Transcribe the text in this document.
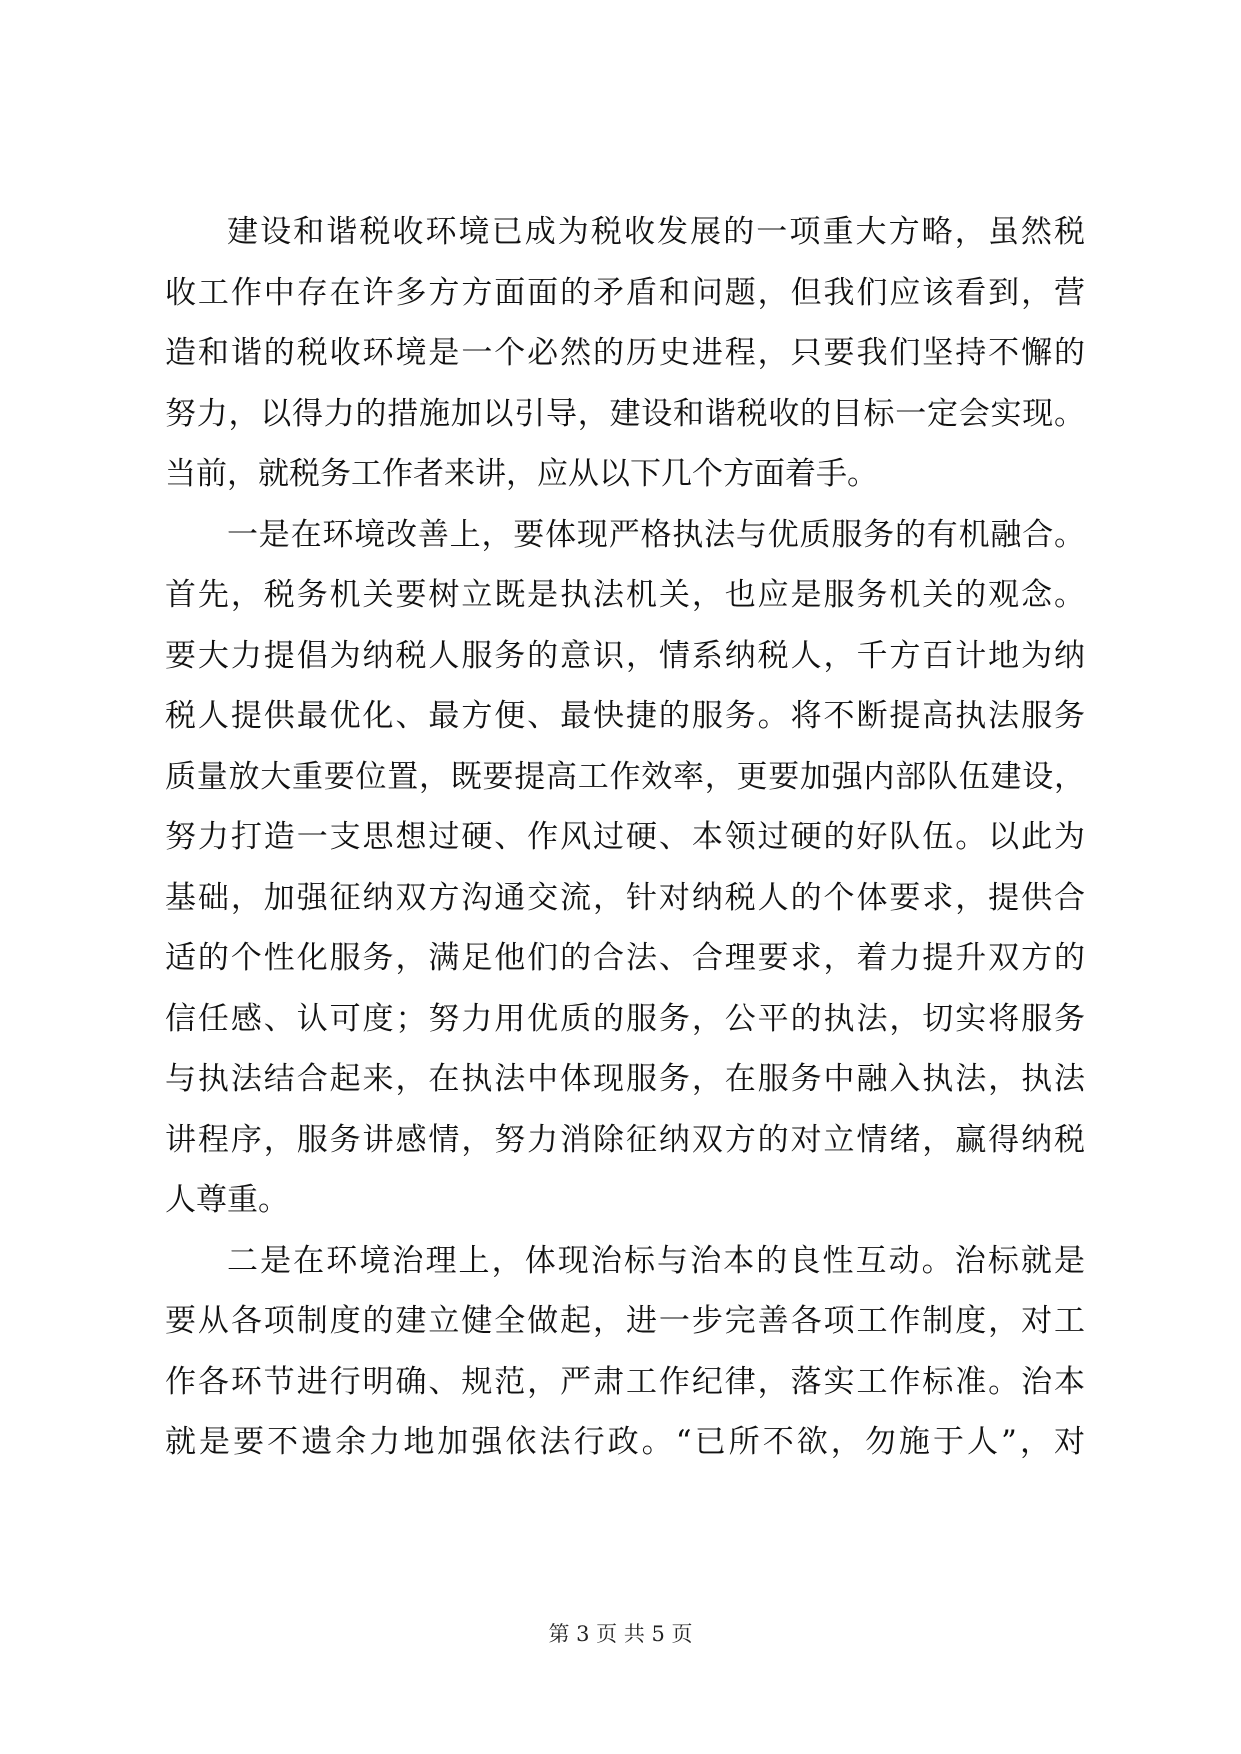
建设和谐税收环境已成为税收发展的一项重大方略，虽然税
收工作中存在许多方方面面的矛盾和问题，但我们应该看到，营
造和谐的税收环境是一个必然的历史进程，只要我们坚持不懈的
努力，以得力的措施加以引导，建设和谐税收的目标一定会实现。
当前，就税务工作者来讲，应从以下几个方面着手。
一是在环境改善上，要体现严格执法与优质服务的有机融合。
首先，税务机关要树立既是执法机关，也应是服务机关的观念。
要大力提倡为纳税人服务的意识，情系纳税人，千方百计地为纳
税人提供最优化、最方便、最快捷的服务。将不断提高执法服务
质量放大重要位置，既要提高工作效率，更要加强内部队伍建设，
努力打造一支思想过硬、作风过硬、本领过硬的好队伍。以此为
基础，加强征纳双方沟通交流，针对纳税人的个体要求，提供合
适的个性化服务，满足他们的合法、合理要求，着力提升双方的
信任感、认可度；努力用优质的服务，公平的执法，切实将服务
与执法结合起来，在执法中体现服务，在服务中融入执法，执法
讲程序，服务讲感情，努力消除征纳双方的对立情绪，赢得纳税
人尊重。
二是在环境治理上，体现治标与治本的良性互动。治标就是
要从各项制度的建立健全做起，进一步完善各项工作制度，对工
作各环节进行明确、规范，严肃工作纪律，落实工作标准。治本
就是要不遗余力地加强依法行政。“已所不欲，勿施于人”，对
第 3 页 共 5 页
